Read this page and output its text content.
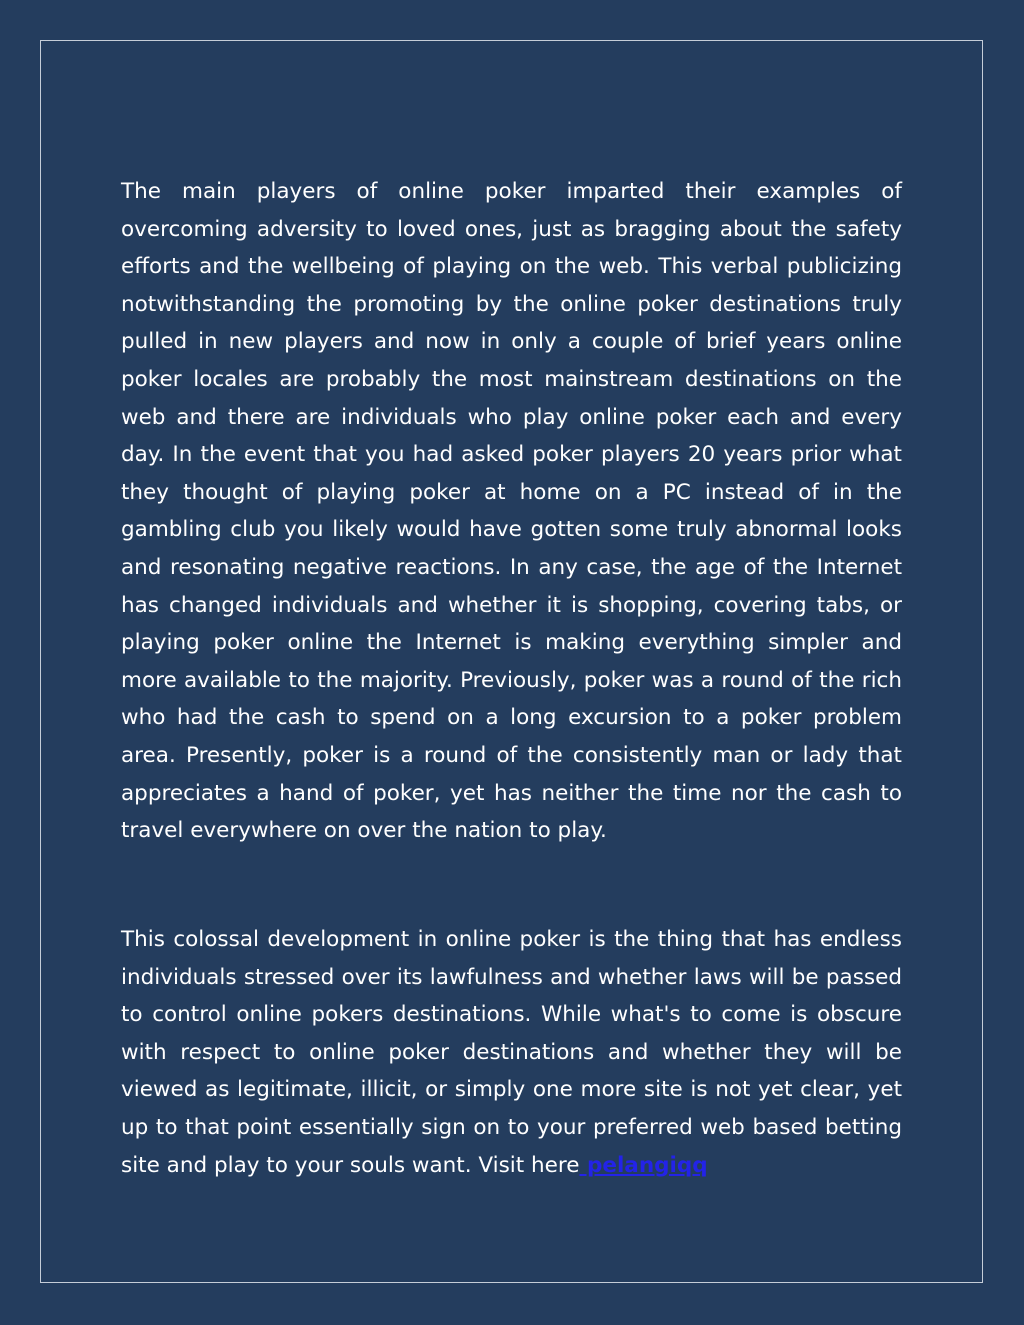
The main players of online poker imparted their examples of overcoming adversity to loved ones, just as bragging about the safety efforts and the wellbeing of playing on the web. This verbal publicizing notwithstanding the promoting by the online poker destinations truly pulled in new players and now in only a couple of brief years online poker locales are probably the most mainstream destinations on the web and there are individuals who play online poker each and every day. In the event that you had asked poker players 20 years prior what they thought of playing poker at home on a PC instead of in the gambling club you likely would have gotten some truly abnormal looks and resonating negative reactions. In any case, the age of the Internet has changed individuals and whether it is shopping, covering tabs, or playing poker online the Internet is making everything simpler and more available to the majority. Previously, poker was a round of the rich who had the cash to spend on a long excursion to a poker problem area. Presently, poker is a round of the consistently man or lady that appreciates a hand of poker, yet has neither the time nor the cash to travel everywhere on over the nation to play.

This colossal development in online poker is the thing that has endless individuals stressed over its lawfulness and whether laws will be passed to control online pokers destinations. While what's to come is obscure with respect to online poker destinations and whether they will be viewed as legitimate, illicit, or simply one more site is not yet clear, yet up to that point essentially sign on to your preferred web based betting site and play to your souls want. Visit here pelangiqq
